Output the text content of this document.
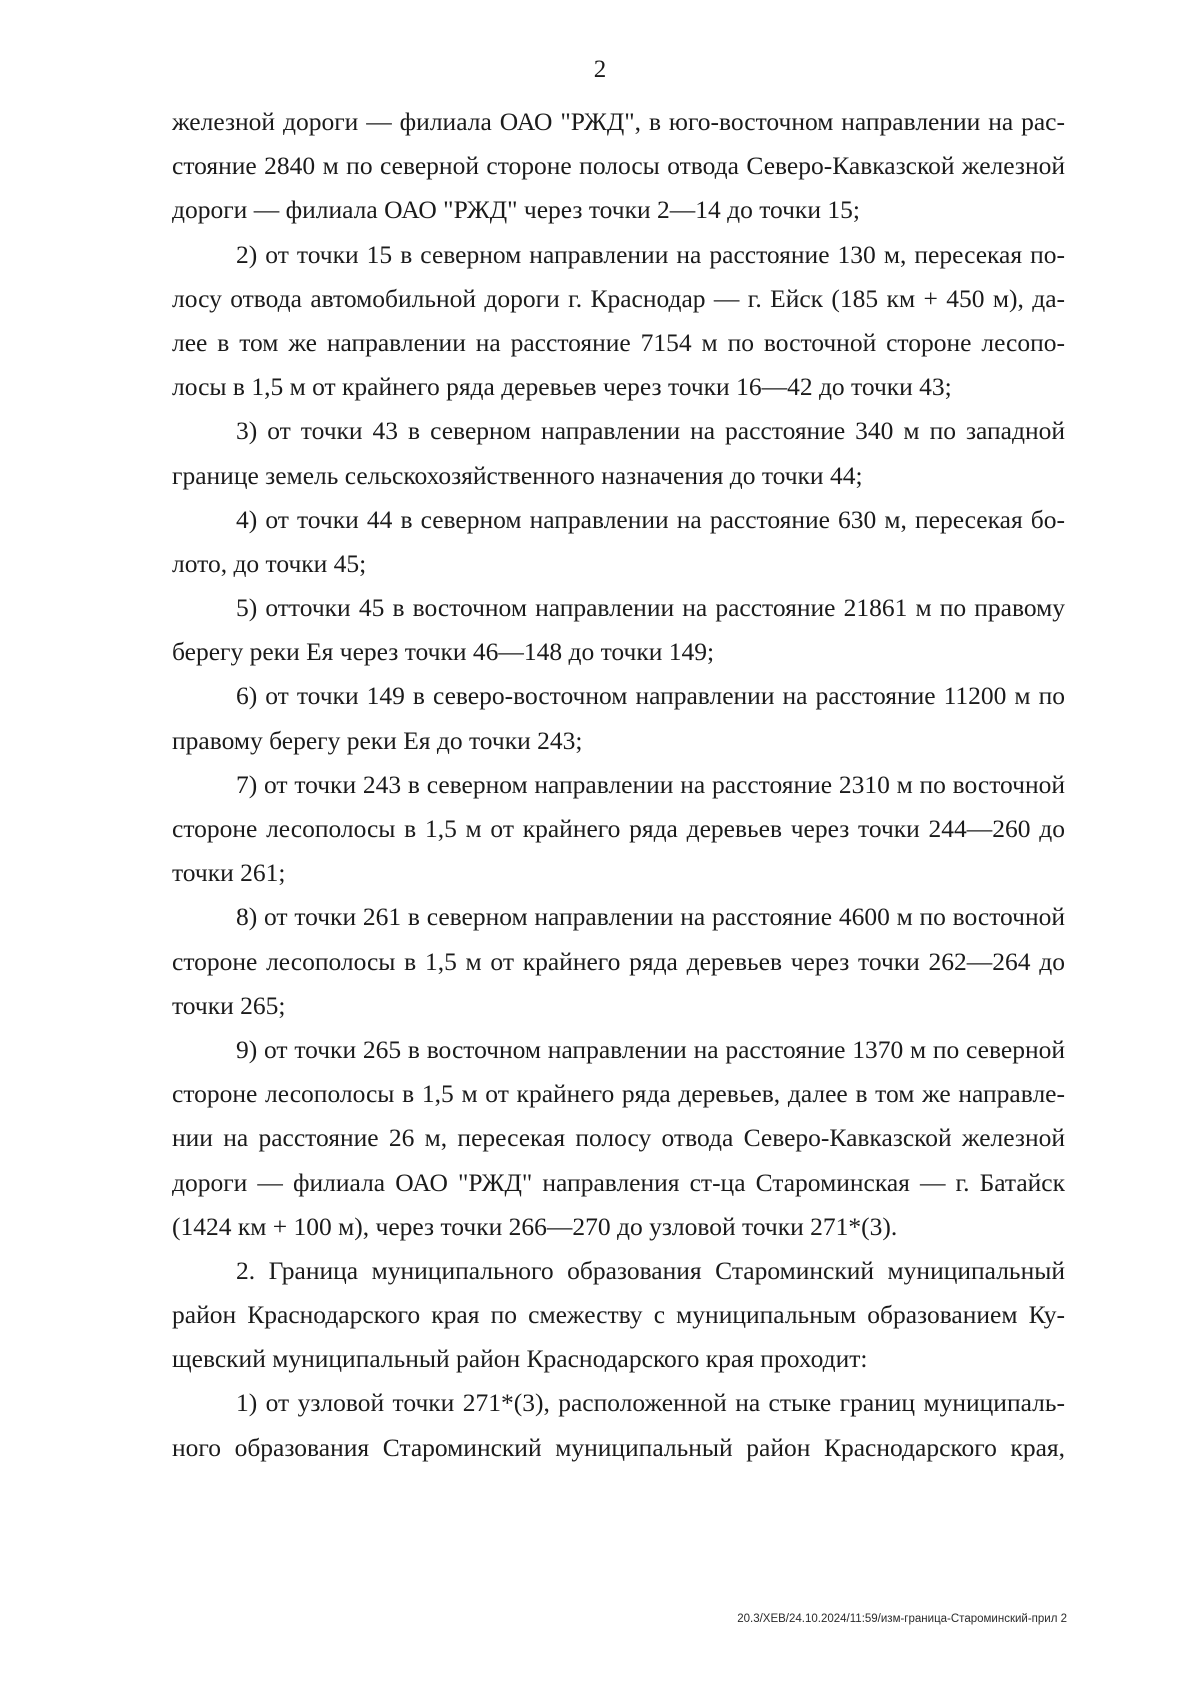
2
железной дороги — филиала ОАО "РЖД", в юго-восточном направлении на рас-
стояние 2840 м по северной стороне полосы отвода Северо-Кавказской железной
дороги — филиала ОАО "РЖД" через точки 2—14 до точки 15;
2) от точки 15 в северном направлении на расстояние 130 м, пересекая по-
лосу отвода автомобильной дороги г. Краснодар — г. Ейск (185 км + 450 м), да-
лее в том же направлении на расстояние 7154 м по восточной стороне лесопо-
лосы в 1,5 м от крайнего ряда деревьев через точки 16—42 до точки 43;
3) от точки 43 в северном направлении на расстояние 340 м по западной
границе земель сельскохозяйственного назначения до точки 44;
4) от точки 44 в северном направлении на расстояние 630 м, пересекая бо-
лото, до точки 45;
5) отточки 45 в восточном направлении на расстояние 21861 м по правому
берегу реки Ея через точки 46—148 до точки 149;
6) от точки 149 в северо-восточном направлении на расстояние 11200 м по
правому берегу реки Ея до точки 243;
7) от точки 243 в северном направлении на расстояние 2310 м по восточной
стороне лесополосы в 1,5 м от крайнего ряда деревьев через точки 244—260 до
точки 261;
8) от точки 261 в северном направлении на расстояние 4600 м по восточной
стороне лесополосы в 1,5 м от крайнего ряда деревьев через точки 262—264 до
точки 265;
9) от точки 265 в восточном направлении на расстояние 1370 м по северной
стороне лесополосы в 1,5 м от крайнего ряда деревьев, далее в том же направле-
нии на расстояние 26 м, пересекая полосу отвода Северо-Кавказской железной
дороги — филиала ОАО "РЖД" направления ст-ца Староминская — г. Батайск
(1424 км + 100 м), через точки 266—270 до узловой точки 271*(3).
2. Граница муниципального образования Староминский муниципальный
район Краснодарского края по смежеству с муниципальным образованием Ку-
щевский муниципальный район Краснодарского края проходит:
1) от узловой точки 271*(3), расположенной на стыке границ муниципаль-
ного образования Староминский муниципальный район Краснодарского края,
20.3/ХЕВ/24.10.2024/11:59/изм-граница-Староминский-прил 2
